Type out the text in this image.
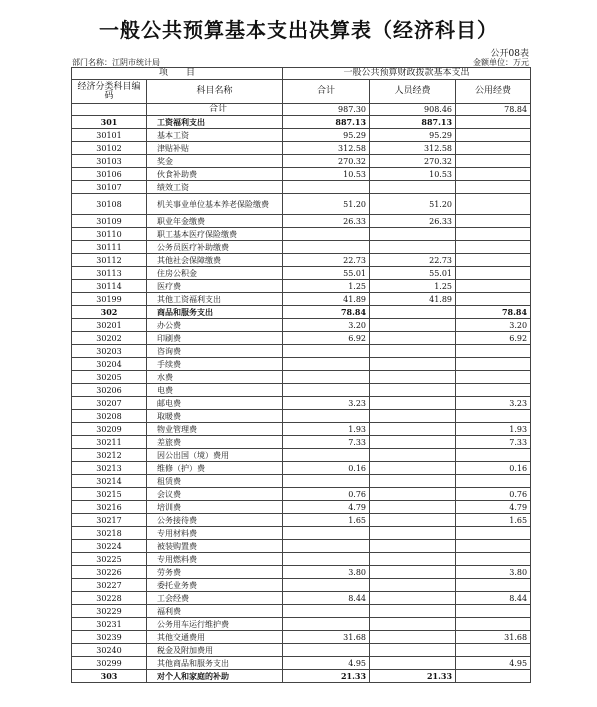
一般公共预算基本支出决算表（经济科目）
公开08表
部门名称：江阴市统计局	金额单位：万元
项　　目		一般公共预算财政拨款基本支出		
经济分类科目编码	科目名称	合计	人员经费	公用经费
	合计	987.30	908.46	78.84
301	工资福利支出	887.13	887.13	
30101	基本工资	95.29	95.29	
30102	津贴补贴	312.58	312.58	
30103	奖金	270.32	270.32	
30106	伙食补助费	10.53	10.53	
30107	绩效工资			
30108	机关事业单位基本养老保险缴费	51.20	51.20	
30109	职业年金缴费	26.33	26.33	
30110	职工基本医疗保险缴费			
30111	公务员医疗补助缴费			
30112	其他社会保障缴费	22.73	22.73	
30113	住房公积金	55.01	55.01	
30114	医疗费	1.25	1.25	
30199	其他工资福利支出	41.89	41.89	
302	商品和服务支出	78.84		78.84
30201	办公费	3.20		3.20
30202	印刷费	6.92		6.92
30203	咨询费			
30204	手续费			
30205	水费			
30206	电费			
30207	邮电费	3.23		3.23
30208	取暖费			
30209	物业管理费	1.93		1.93
30211	差旅费	7.33		7.33
30212	因公出国（境）费用			
30213	维修（护）费	0.16		0.16
30214	租赁费			
30215	会议费	0.76		0.76
30216	培训费	4.79		4.79
30217	公务接待费	1.65		1.65
30218	专用材料费			
30224	被装购置费			
30225	专用燃料费			
30226	劳务费	3.80		3.80
30227	委托业务费			
30228	工会经费	8.44		8.44
30229	福利费			
30231	公务用车运行维护费			
30239	其他交通费用	31.68		31.68
30240	税金及附加费用			
30299	其他商品和服务支出	4.95		4.95
303	对个人和家庭的补助	21.33	21.33	
